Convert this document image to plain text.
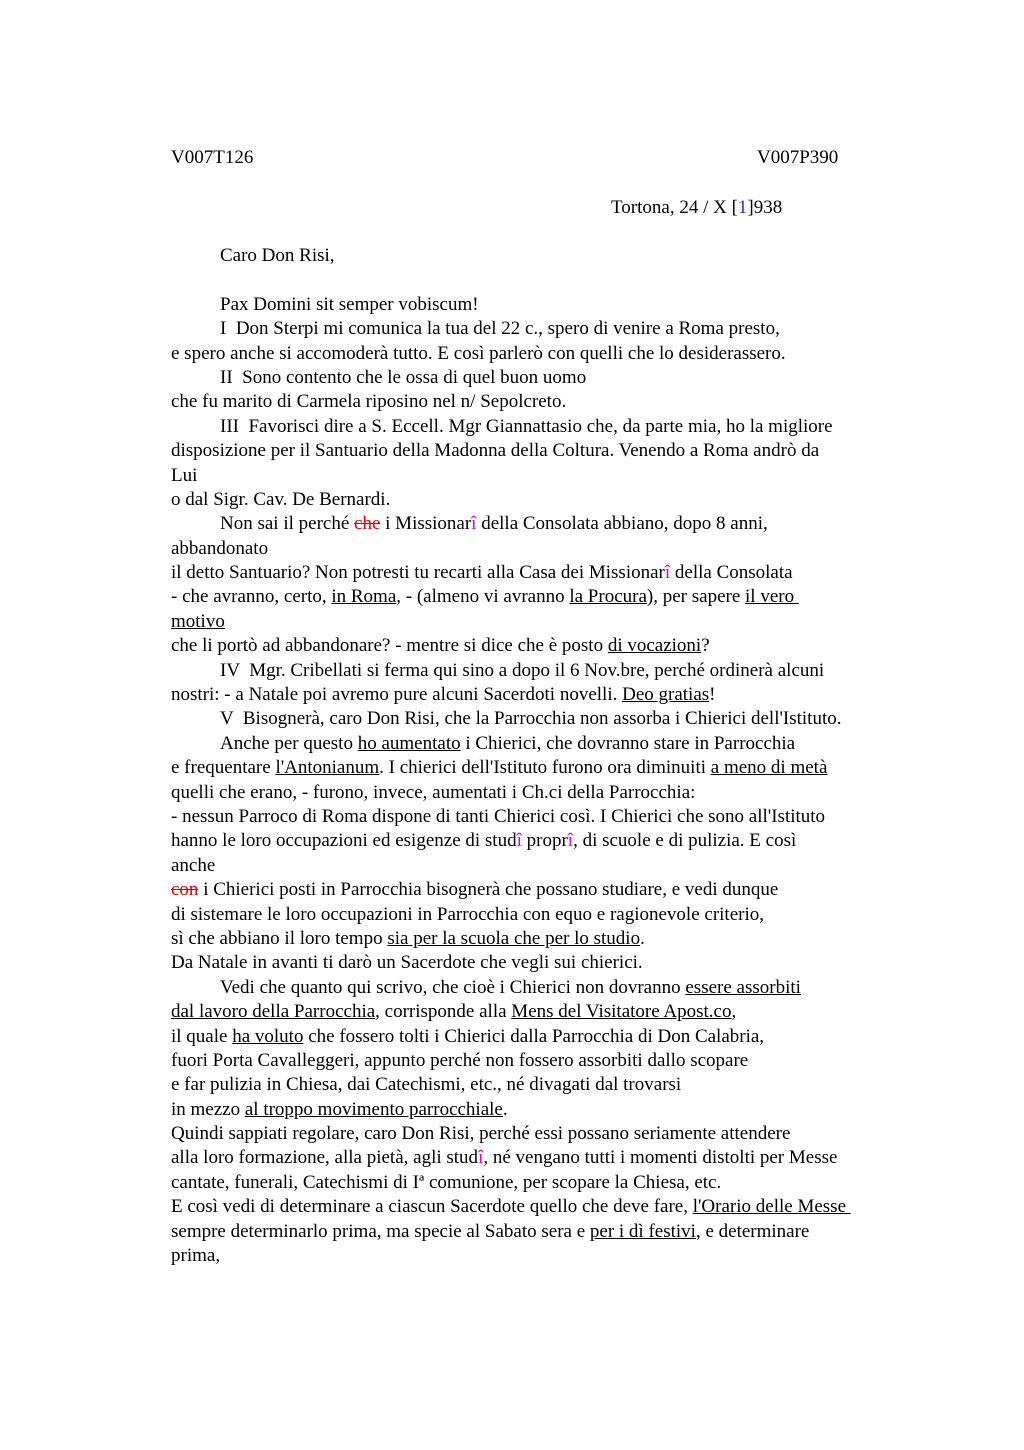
V007T126	V007P390
Tortona, 24 / X [1]938
Caro Don Risi,
Pax Domini sit semper vobiscum!
I  Don Sterpi mi comunica la tua del 22 c., spero di venire a Roma presto,
e spero anche si accomoderà tutto. E così parlerò con quelli che lo desiderassero.
II  Sono contento che le ossa di quel buon uomo
che fu marito di Carmela riposino nel n/ Sepolcreto.
III  Favorisci dire a S. Eccell. Mgr Giannattasio che, da parte mia, ho la migliore
disposizione per il Santuario della Madonna della Coltura. Venendo a Roma andrò da
Lui
o dal Sigr. Cav. De Bernardi.
Non sai il perché che i Missionarî della Consolata abbiano, dopo 8 anni,
abbandonato
il detto Santuario? Non potresti tu recarti alla Casa dei Missionarî della Consolata
- che avranno, certo, in Roma, - (almeno vi avranno la Procura), per sapere il vero
motivo
che li portò ad abbandonare? - mentre si dice che è posto di vocazioni?
IV  Mgr. Cribellati si ferma qui sino a dopo il 6 Nov.bre, perché ordinerà alcuni
nostri: - a Natale poi avremo pure alcuni Sacerdoti novelli. Deo gratias!
V  Bisognerà, caro Don Risi, che la Parrocchia non assorba i Chierici dell'Istituto.
Anche per questo ho aumentato i Chierici, che dovranno stare in Parrocchia
e frequentare l'Antonianum. I chierici dell'Istituto furono ora diminuiti a meno di metà
quelli che erano, - furono, invece, aumentati i Ch.ci della Parrocchia:
- nessun Parroco di Roma dispone di tanti Chierici così. I Chierici che sono all'Istituto
hanno le loro occupazioni ed esigenze di studî proprî, di scuole e di pulizia. E così
anche
con i Chierici posti in Parrocchia bisognerà che possano studiare, e vedi dunque
di sistemare le loro occupazioni in Parrocchia con equo e ragionevole criterio,
sì che abbiano il loro tempo sia per la scuola che per lo studio.
Da Natale in avanti ti darò un Sacerdote che vegli sui chierici.
Vedi che quanto qui scrivo, che cioè i Chierici non dovranno essere assorbiti
dal lavoro della Parrocchia, corrisponde alla Mens del Visitatore Apost.co,
il quale ha voluto che fossero tolti i Chierici dalla Parrocchia di Don Calabria,
fuori Porta Cavalleggeri, appunto perché non fossero assorbiti dallo scopare
e far pulizia in Chiesa, dai Catechismi, etc., né divagati dal trovarsi
in mezzo al troppo movimento parrocchiale.
Quindi sappiati regolare, caro Don Risi, perché essi possano seriamente attendere
alla loro formazione, alla pietà, agli studî, né vengano tutti i momenti distolti per Messe
cantate, funerali, Catechismi di Iª comunione, per scopare la Chiesa, etc.
E così vedi di determinare a ciascun Sacerdote quello che deve fare, l'Orario delle Messe
sempre determinarlo prima, ma specie al Sabato sera e per i dì festivi, e determinare
prima,
